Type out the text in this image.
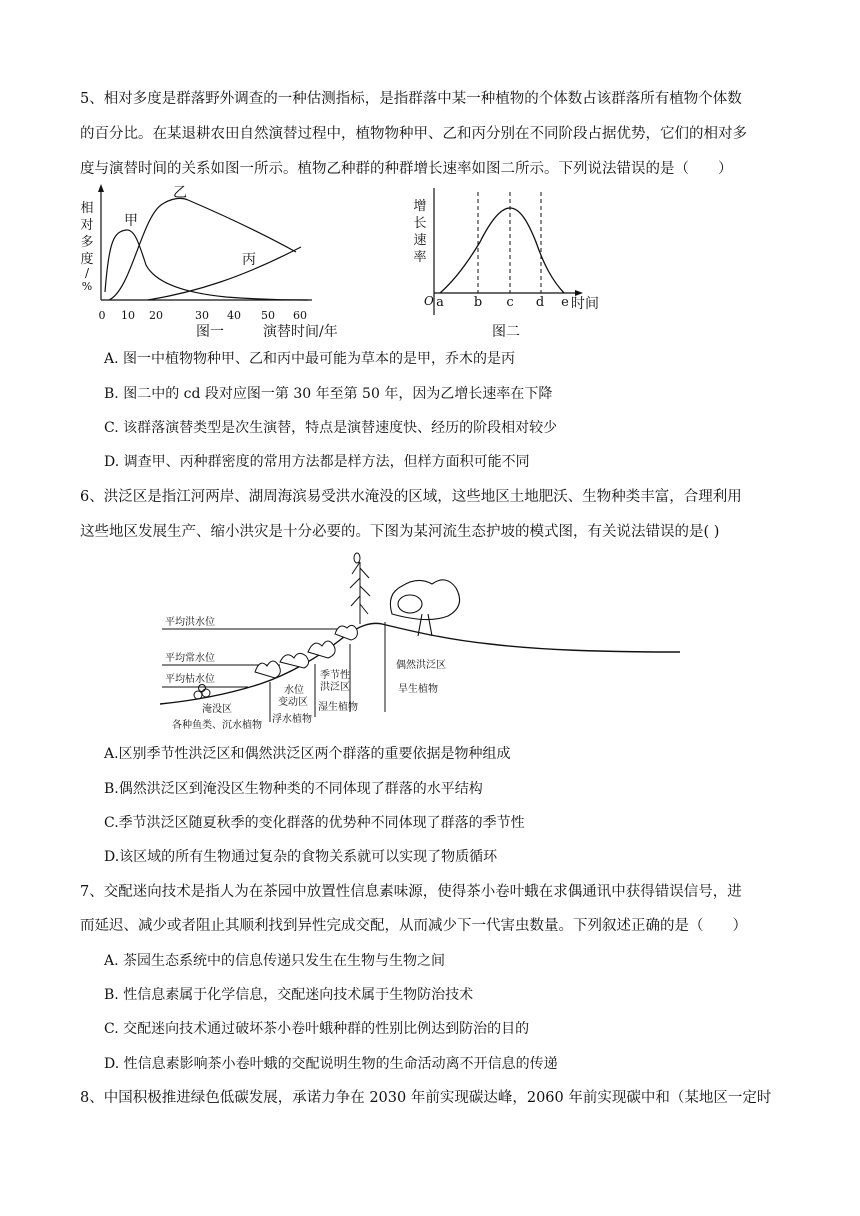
5、相对多度是群落野外调查的一种估测指标，是指群落中某一种植物的个体数占该群落所有植物个体数
的百分比。在某退耕农田自然演替过程中，植物物种甲、乙和丙分别在不同阶段占据优势，它们的相对多
度与演替时间的关系如图一所示。植物乙种群的种群增长速率如图二所示。下列说法错误的是（　　）
相
对
多
度
/
%
甲
乙
丙
0 10 20	30 40 50 60
图一	演替时间/年
增
长
速
率
O a b c d e 时间
图二
A. 图一中植物物种甲、乙和丙中最可能为草本的是甲，乔木的是丙
B. 图二中的 cd 段对应图一第 30 年至第 50 年，因为乙增长速率在下降
C. 该群落演替类型是次生演替，特点是演替速度快、经历的阶段相对较少
D. 调查甲、丙种群密度的常用方法都是样方法，但样方面积可能不同
6、洪泛区是指江河两岸、湖周海滨易受洪水淹没的区域，这些地区土地肥沃、生物种类丰富，合理利用
这些地区发展生产、缩小洪灾是十分必要的。下图为某河流生态护坡的模式图，有关说法错误的是( )
平均洪水位
平均常水位
平均枯水位
淹没区
各种鱼类、沉水植物
水位
变动区
浮水植物
季节性
洪泛区
湿生植物
偶然洪泛区
旱生植物
A.区别季节性洪泛区和偶然洪泛区两个群落的重要依据是物种组成
B.偶然洪泛区到淹没区生物种类的不同体现了群落的水平结构
C.季节洪泛区随夏秋季的变化群落的优势种不同体现了群落的季节性
D.该区域的所有生物通过复杂的食物关系就可以实现了物质循环
7、交配迷向技术是指人为在茶园中放置性信息素味源，使得茶小卷叶蛾在求偶通讯中获得错误信号，进
而延迟、减少或者阻止其顺利找到异性完成交配，从而减少下一代害虫数量。下列叙述正确的是（　　）
A. 茶园生态系统中的信息传递只发生在生物与生物之间
B. 性信息素属于化学信息，交配迷向技术属于生物防治技术
C. 交配迷向技术通过破坏茶小卷叶蛾种群的性别比例达到防治的目的
D. 性信息素影响茶小卷叶蛾的交配说明生物的生命活动离不开信息的传递
8、中国积极推进绿色低碳发展，承诺力争在 2030 年前实现碳达峰，2060 年前实现碳中和（某地区一定时
